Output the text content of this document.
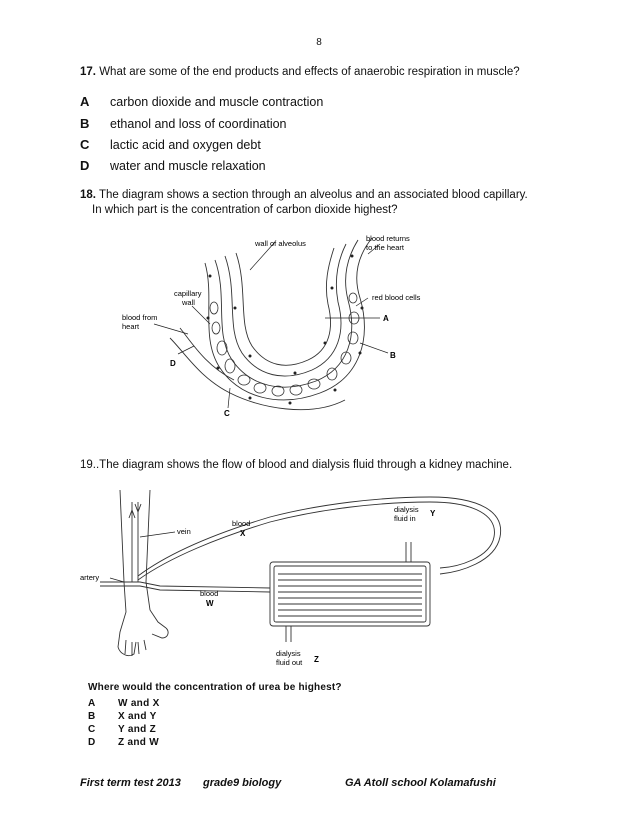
8
17. What are some of the end products and effects of anaerobic respiration in muscle?
A carbon dioxide and muscle contraction
B ethanol and loss of coordination
C lactic acid and oxygen debt
D water and muscle relaxation
18. The diagram shows a section through an alveolus and an associated blood capillary.
In which part is the concentration of carbon dioxide highest?
wall of alveolus
blood returns
to the heart
capillary
wall
red blood cells
blood from
heart
A
B
C
D
19..The diagram shows the flow of blood and dialysis fluid through a kidney machine.
vein
artery
blood
X
blood
W
dialysis
fluid in
Y
dialysis
fluid out Z
Where would the concentration of urea be highest?
A W and X
B X and Y
C Y and Z
D Z and W
First term test 2013 grade9 biology	GA Atoll school Kolamafushi
